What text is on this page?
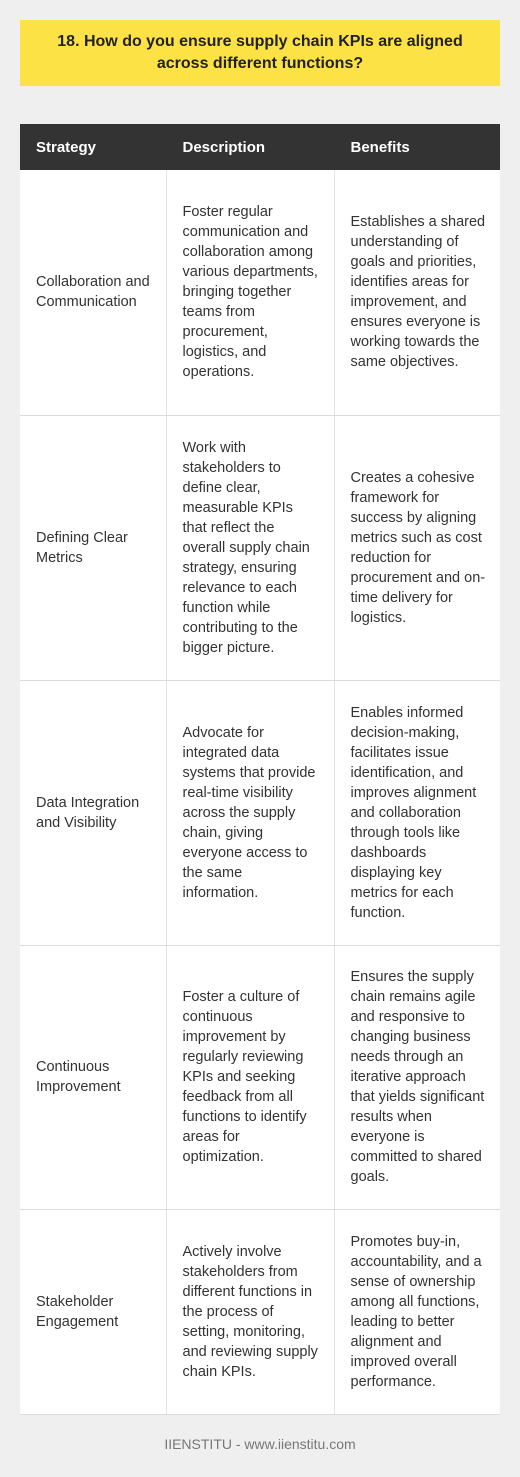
18. How do you ensure supply chain KPIs are aligned across different functions?
Strategy	Description	Benefits
Collaboration and Communication	Foster regular communication and collaboration among various departments, bringing together teams from procurement, logistics, and operations.	Establishes a shared understanding of goals and priorities, identifies areas for improvement, and ensures everyone is working towards the same objectives.
Defining Clear Metrics	Work with stakeholders to define clear, measurable KPIs that reflect the overall supply chain strategy, ensuring relevance to each function while contributing to the bigger picture.	Creates a cohesive framework for success by aligning metrics such as cost reduction for procurement and on-time delivery for logistics.
Data Integration and Visibility	Advocate for integrated data systems that provide real-time visibility across the supply chain, giving everyone access to the same information.	Enables informed decision-making, facilitates issue identification, and improves alignment and collaboration through tools like dashboards displaying key metrics for each function.
Continuous Improvement	Foster a culture of continuous improvement by regularly reviewing KPIs and seeking feedback from all functions to identify areas for optimization.	Ensures the supply chain remains agile and responsive to changing business needs through an iterative approach that yields significant results when everyone is committed to shared goals.
Stakeholder Engagement	Actively involve stakeholders from different functions in the process of setting, monitoring, and reviewing supply chain KPIs.	Promotes buy-in, accountability, and a sense of ownership among all functions, leading to better alignment and improved overall performance.
IIENSTITU - www.iienstitu.com
